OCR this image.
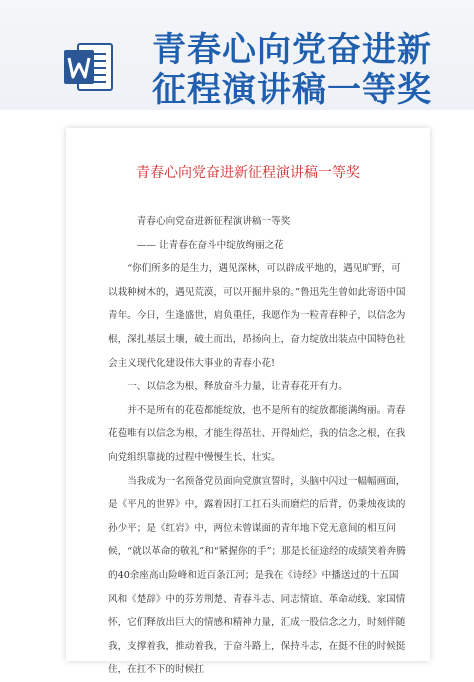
青春心向党奋进新
征程演讲稿一等奖
青春心向党奋进新征程演讲稿一等奖

青春心向党奋进新征程演讲稿一等奖

—— 让青春在奋斗中绽放绚丽之花

“你们所多的是生力，遇见深林，可以辟成平地的，遇见旷野，可以栽种树木的，遇见荒漠，可以开掘井泉的。”鲁迅先生曾如此寄语中国青年。今日，生逢盛世，肩负重任，我愿作为一粒青春种子，以信念为根，深扎基层土壤，破土而出，昂扬向上，奋力绽放出装点中国特色社会主义现代化建设伟大事业的青春小花!

一、以信念为根，释放奋斗力量，让青春花开有力。

并不是所有的花苞都能绽放，也不是所有的绽放都能满绚丽。青春花苞唯有以信念为根，才能生得茁壮、开得灿烂，我的信念之根，在我向党组织靠拢的过程中慢慢生长、壮实。

当我成为一名预备党员面向党旗宣誓时，头脑中闪过一幅幅画面，是《平凡的世界》中，露着因打工扛石头而磨烂的后背，仍秉烛夜读的孙少平；是《红岩》中，两位未曾谋面的青年地下党无意间的相互问候，“就以革命的敬礼”和“紧握你的手”；那是长征途经的成绩笑着奔腾的40余座高山险峰和近百条江河；是我在《诗经》中播送过的十五国风和《楚辞》中的芬芳荆楚、青春斗志、同志情谊、革命动线、家国情怀，它们释放出巨大的情感和精神力量，汇成一股信念之力，时刻伴随我，支撑着我，推动着我，于奋斗路上，保持斗志，在挺不住的时候挺住，在扛不下的时候扛
